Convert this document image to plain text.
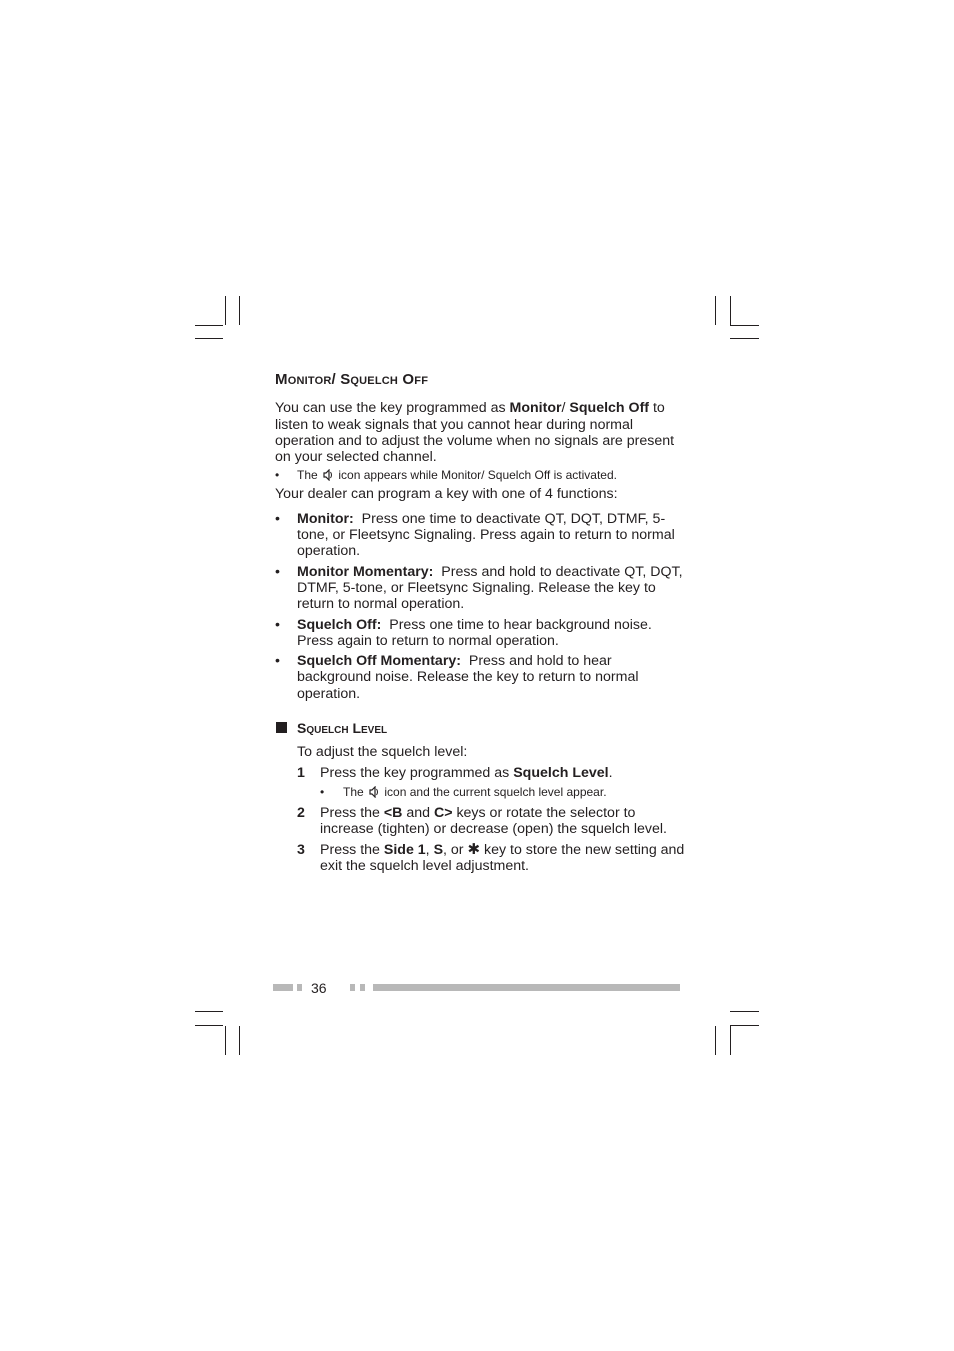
Monitor/ Squelch Off
You can use the key programmed as Monitor/ Squelch Off to listen to weak signals that you cannot hear during normal operation and to adjust the volume when no signals are present on your selected channel.
• The icon appears while Monitor/ Squelch Off is activated.
Your dealer can program a key with one of 4 functions:
• Monitor: Press one time to deactivate QT, DQT, DTMF, 5-tone, or Fleetsync Signaling. Press again to return to normal operation.
• Monitor Momentary: Press and hold to deactivate QT, DQT, DTMF, 5-tone, or Fleetsync Signaling. Release the key to return to normal operation.
• Squelch Off: Press one time to hear background noise. Press again to return to normal operation.
• Squelch Off Momentary: Press and hold to hear background noise. Release the key to return to normal operation.
Squelch Level
To adjust the squelch level:
1 Press the key programmed as Squelch Level.
• The icon and the current squelch level appear.
2 Press the <B and C> keys or rotate the selector to increase (tighten) or decrease (open) the squelch level.
3 Press the Side 1, S, or ✱ key to store the new setting and exit the squelch level adjustment.
36
